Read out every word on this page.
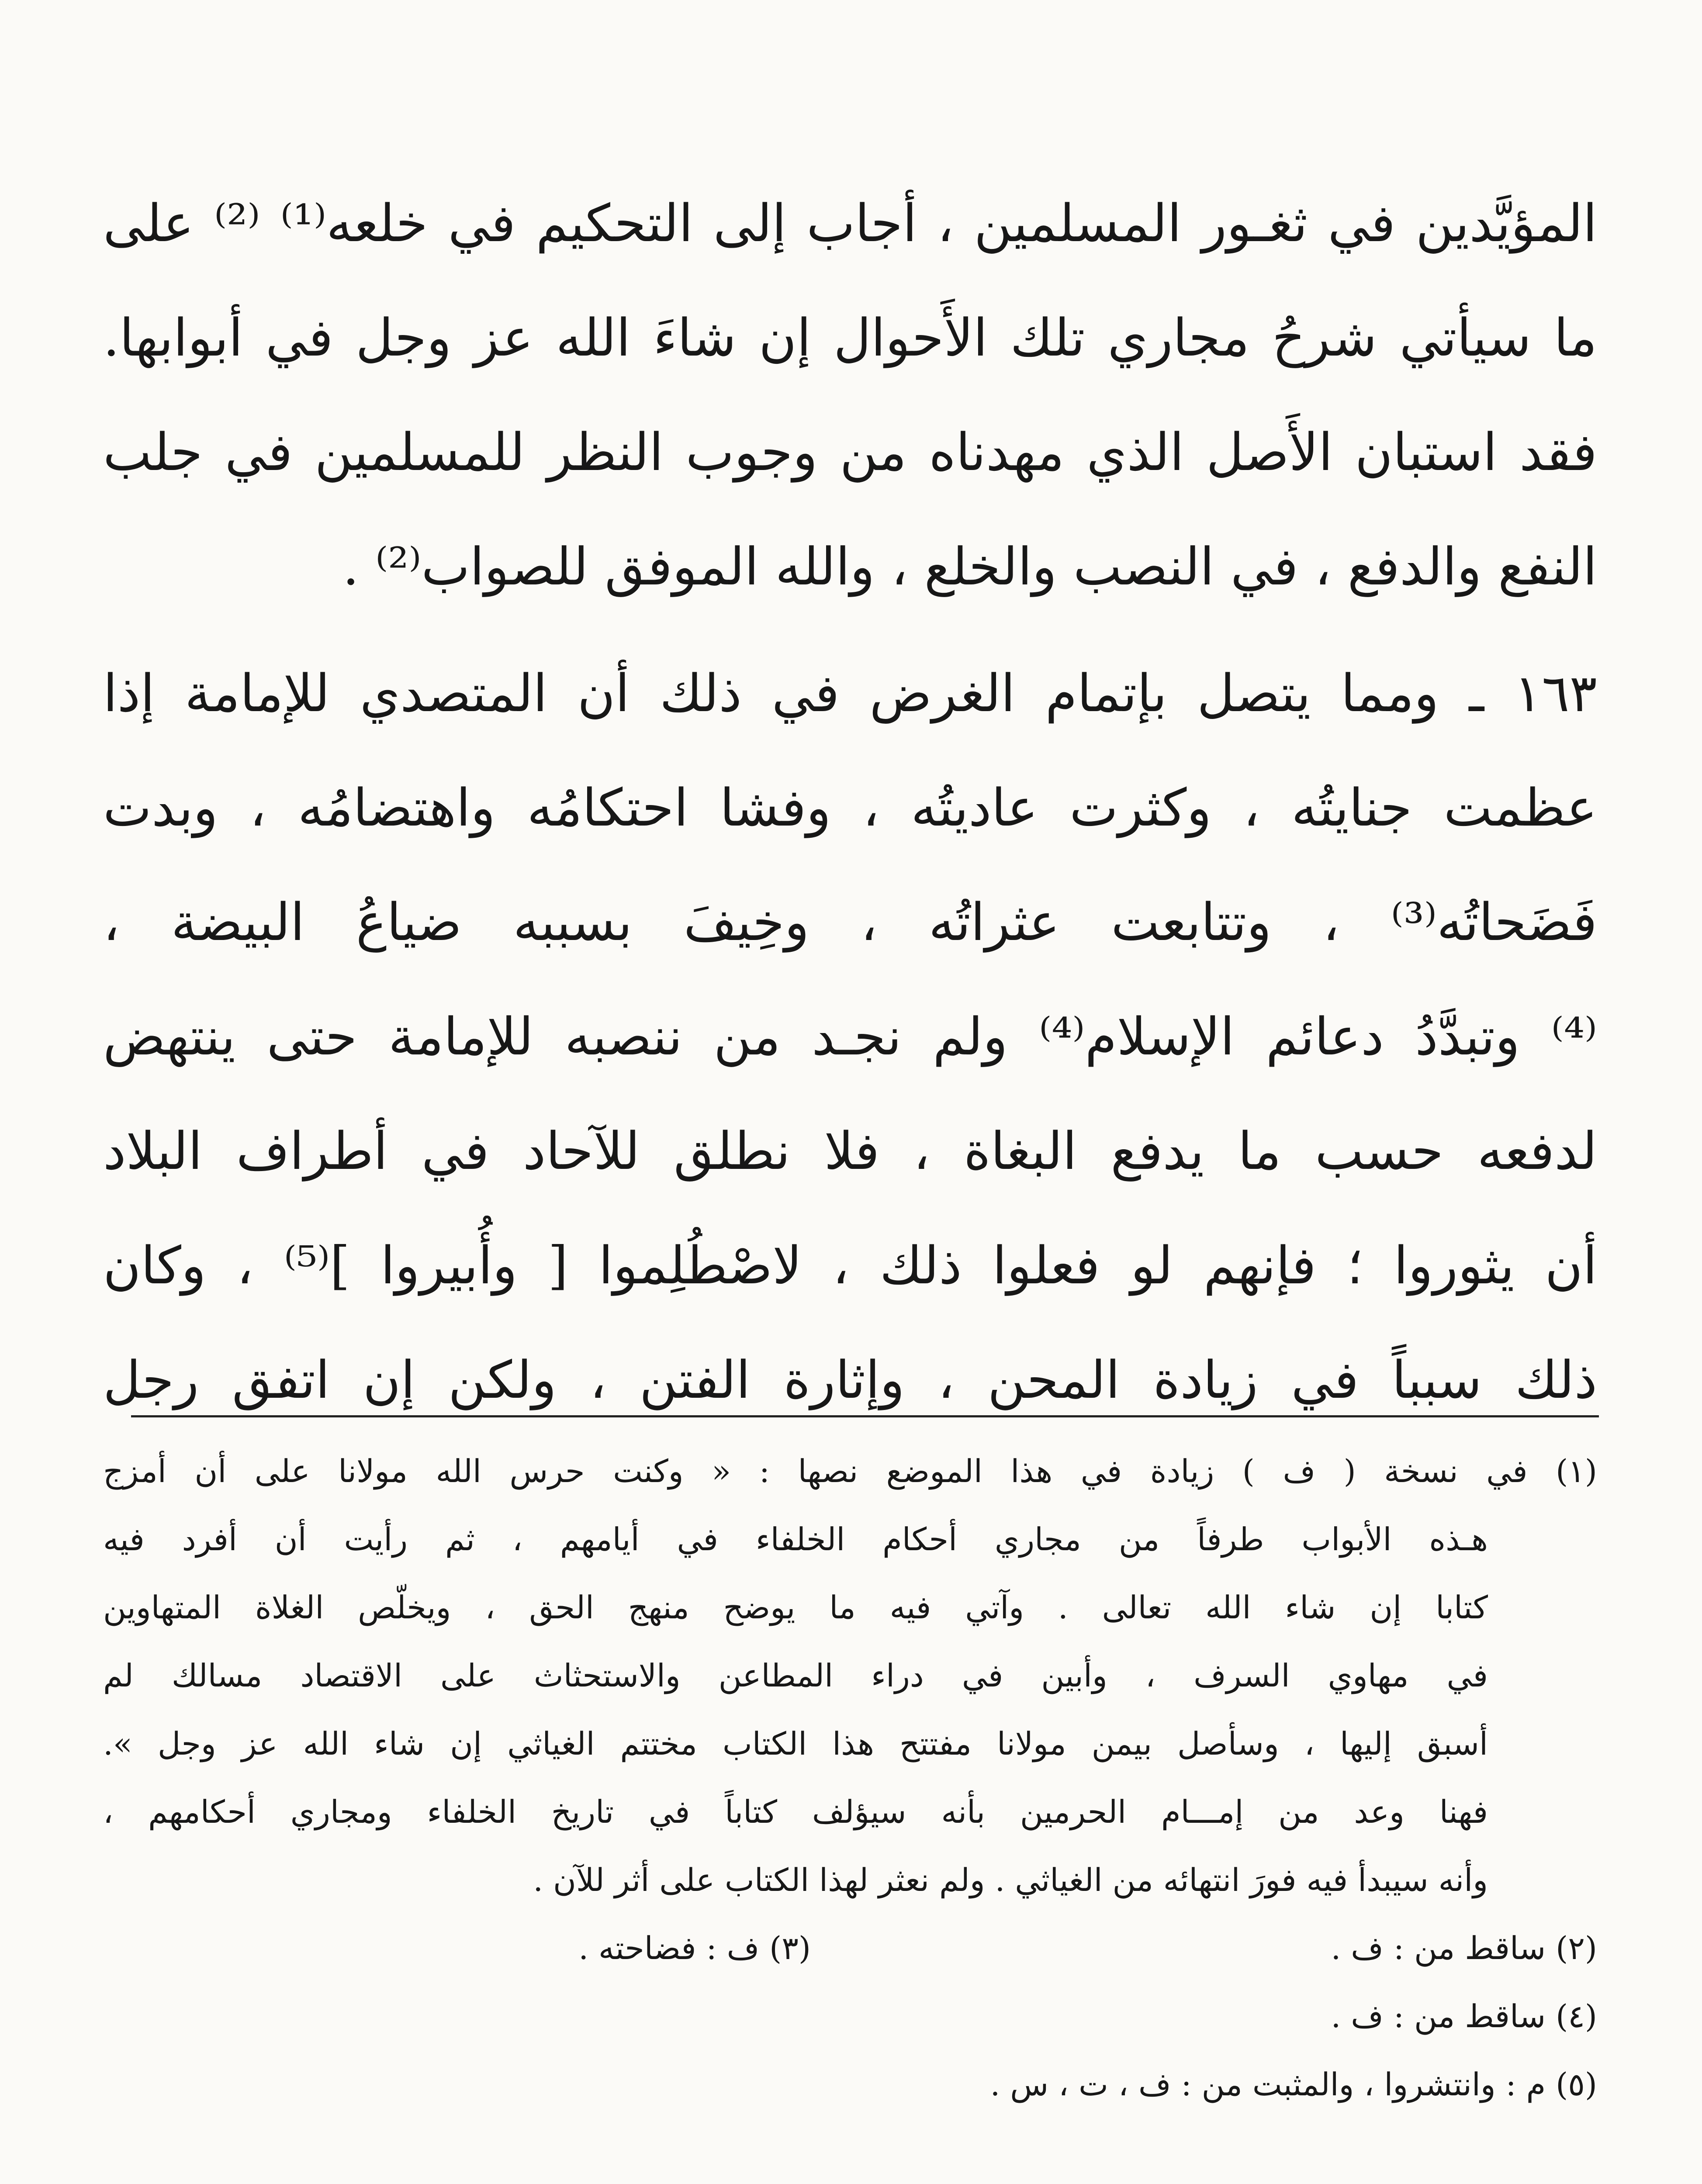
المؤيَّدين في ثغـور المسلمين ، أجاب إلى التحكيم في خلعه⁽¹⁾ ⁽²⁾ على
ما سيأتي شرحُ مجاري تلك الأَحوال إن شاءَ الله عز وجل في أبوابها.
فقد استبان الأَصل الذي مهدناه من وجوب النظر للمسلمين في جلب
النفع والدفع ، في النصب والخلع ، والله الموفق للصواب⁽²⁾ .
١٦٣ ـ ومما يتصل بإتمام الغرض في ذلك أن المتصدي للإمامة إذا
عظمت جنايتُه ، وكثرت عاديتُه ، وفشا احتكامُه واهتضامُه ، وبدت
فَضَحاتُه⁽³⁾ ، وتتابعت عثراتُه ، وخِيفَ بسببه ضياعُ البيضة ،
⁽⁴⁾ وتبدَّدُ دعائم الإسلام⁽⁴⁾ ولم نجـد من ننصبه للإمامة حتى ينتهض
لدفعه حسب ما يدفع البغاة ، فلا نطلق للآحاد في أطراف البلاد
أن يثوروا ؛ فإنهم لو فعلوا ذلك ، لاصْطُلِموا [ وأُبيروا ]⁽⁵⁾ ، وكان
ذلك سبباً في زيادة المحن ، وإثارة الفتن ، ولكن إن اتفق رجل
(١) في نسخة ( ف ) زيادة في هذا الموضع نصها : « وكنت حرس الله مولانا على أن أمزج
هـذه الأبواب طرفاً من مجاري أحكام الخلفاء في أيامهم ، ثم رأيت أن أفرد فيه
كتابا إن شاء الله تعالى . وآتي فيه ما يوضح منهج الحق ، ويخلّص الغلاة المتهاوين
في مهاوي السرف ، وأبين في دراء المطاعن والاستحثاث على الاقتصاد مسالك لم
أسبق إليها ، وسأصل بيمن مولانا مفتتح هذا الكتاب مختتم الغياثي إن شاء الله عز وجل ».
فهنا وعد من إمـــام الحرمين بأنه سيؤلف كتاباً في تاريخ الخلفاء ومجاري أحكامهم ،
وأنه سيبدأ فيه فورَ انتهائه من الغياثي . ولم نعثر لهذا الكتاب على أثر للآن .
(٢) ساقط من : ف .
(٣) ف : فضاحته .
(٤) ساقط من : ف .
(٥) م : وانتشروا ، والمثبت من : ف ، ت ، س .
